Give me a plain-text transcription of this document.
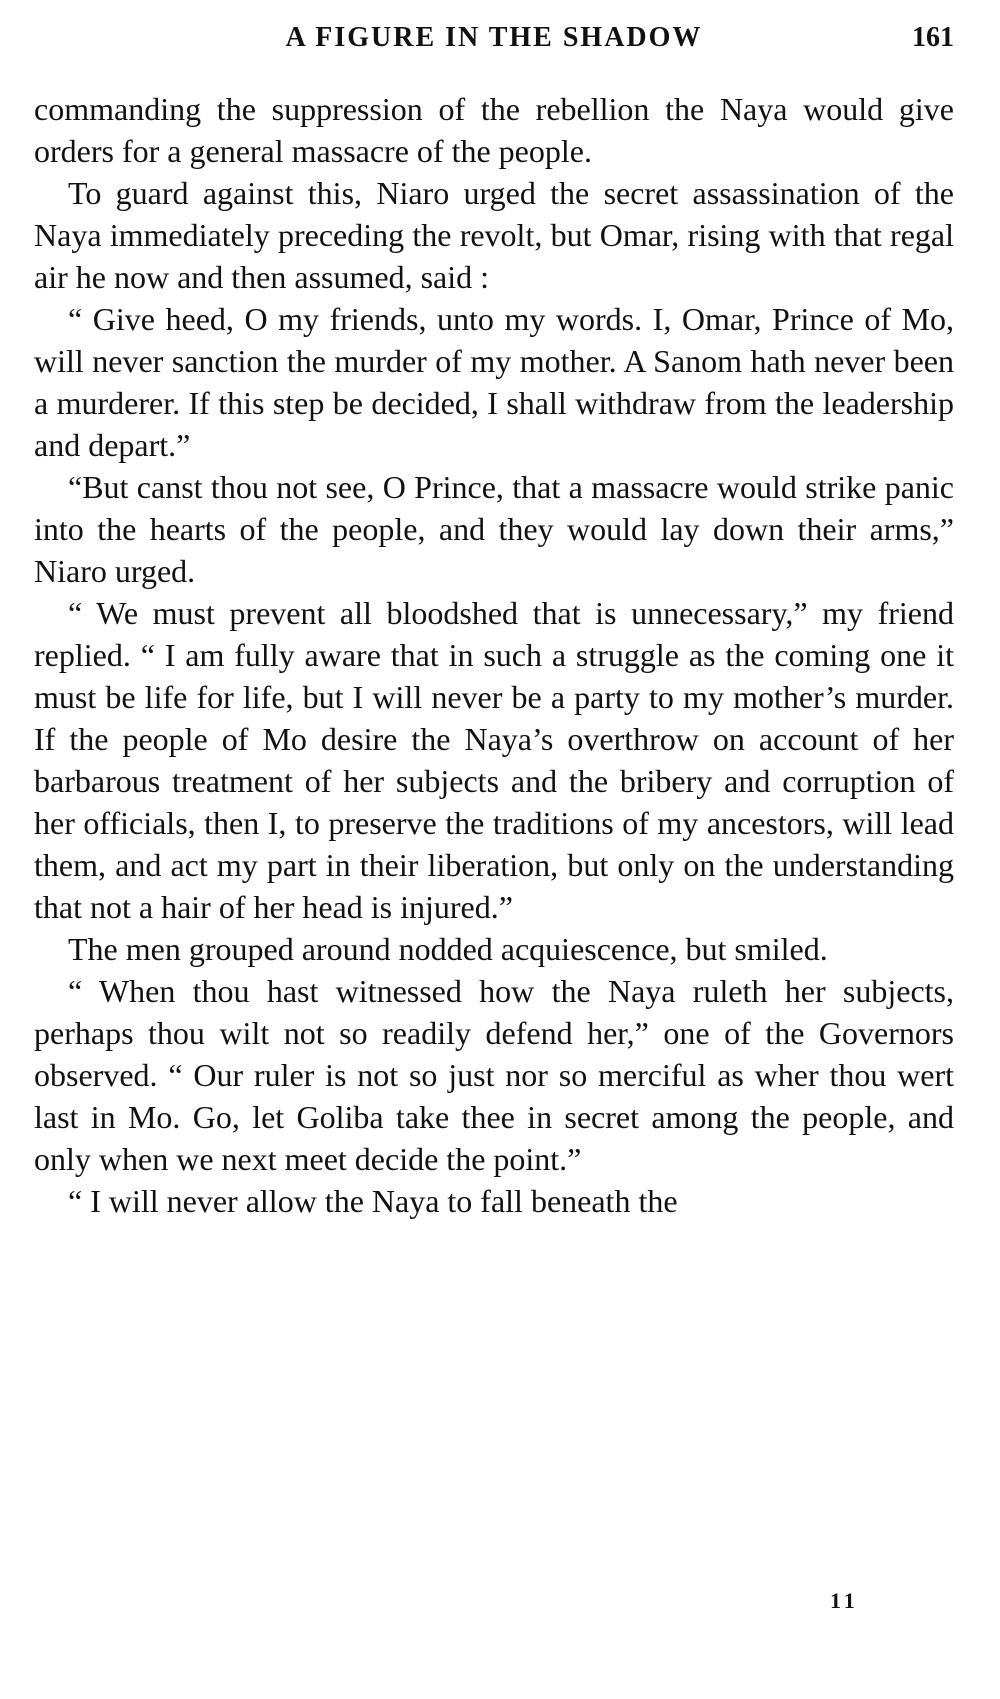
A FIGURE IN THE SHADOW	161

commanding the suppression of the rebellion the Naya would give orders for a general massacre of the people.

To guard against this, Niaro urged the secret assassination of the Naya immediately preceding the revolt, but Omar, rising with that regal air he now and then assumed, said :

“ Give heed, O my friends, unto my words. I, Omar, Prince of Mo, will never sanction the murder of my mother. A Sanom hath never been a murderer. If this step be decided, I shall withdraw from the leadership and depart.”

“But canst thou not see, O Prince, that a massacre would strike panic into the hearts of the people, and they would lay down their arms,” Niaro urged.

“ We must prevent all bloodshed that is unnecessary,” my friend replied. “ I am fully aware that in such a struggle as the coming one it must be life for life, but I will never be a party to my mother’s murder. If the people of Mo desire the Naya’s overthrow on account of her barbarous treatment of her subjects and the bribery and corruption of her officials, then I, to preserve the traditions of my ancestors, will lead them, and act my part in their liberation, but only on the understanding that not a hair of her head is injured.”

The men grouped around nodded acquiescence, but smiled.

“ When thou hast witnessed how the Naya ruleth her subjects, perhaps thou wilt not so readily defend her,” one of the Governors observed. “ Our ruler is not so just nor so merciful as wher thou wert last in Mo. Go, let Goliba take thee in secret among the people, and only when we next meet decide the point.”

“ I will never allow the Naya to fall beneath the

11
